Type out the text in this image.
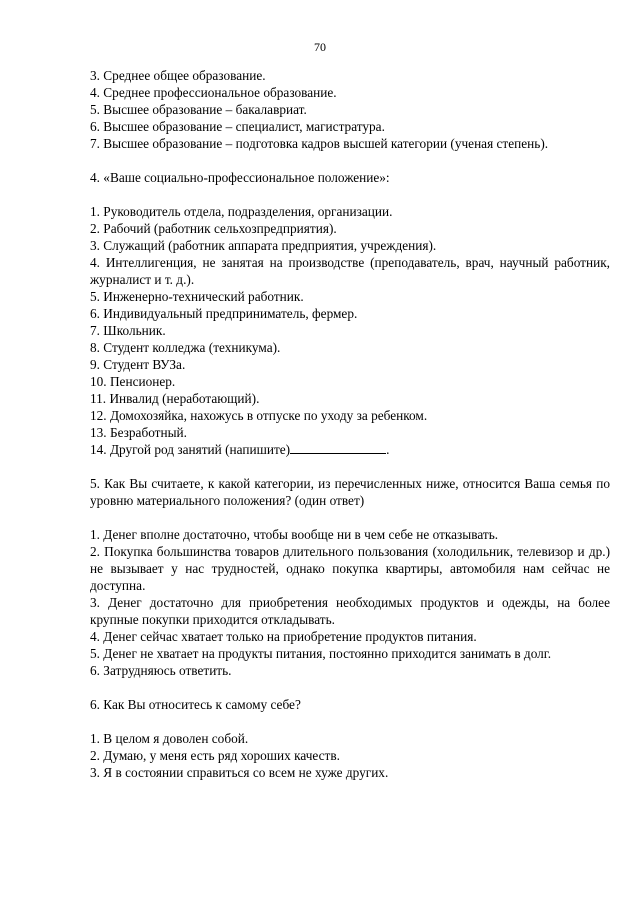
70

3. Среднее общее образование.

4. Среднее профессиональное образование.

5. Высшее образование – бакалавриат.

6. Высшее образование – специалист, магистратура.

7. Высшее образование – подготовка кадров высшей категории (ученая степень).

4. «Ваше социально-профессиональное положение»:

1. Руководитель отдела, подразделения, организации.

2. Рабочий (работник сельхозпредприятия).

3. Служащий (работник аппарата предприятия, учреждения).

4. Интеллигенция, не занятая на производстве (преподаватель, врач, научный работник, журналист и т. д.).

5. Инженерно-технический работник.

6. Индивидуальный предприниматель, фермер.

7. Школьник.

8. Студент колледжа (техникума).

9. Студент ВУЗа.

10. Пенсионер.

11. Инвалид (неработающий).

12. Домохозяйка, нахожусь в отпуске по уходу за ребенком.

13. Безработный.

14. Другой род занятий (напишите)	.

5. Как Вы считаете, к какой категории, из перечисленных ниже, относится Ваша семья по уровню материального положения? (один ответ)

1. Денег вполне достаточно, чтобы вообще ни в чем себе не отказывать.

2. Покупка большинства товаров длительного пользования (холодильник, телевизор и др.) не вызывает у нас трудностей, однако покупка квартиры, автомобиля нам сейчас не доступна.

3. Денег достаточно для приобретения необходимых продуктов и одежды, на более крупные покупки приходится откладывать.

4. Денег сейчас хватает только на приобретение продуктов питания.

5. Денег не хватает на продукты питания, постоянно приходится занимать в долг.

6. Затрудняюсь ответить.

6. Как Вы относитесь к самому себе?

1. В целом я доволен собой.

2. Думаю, у меня есть ряд хороших качеств.

3. Я в состоянии справиться со всем не хуже других.
